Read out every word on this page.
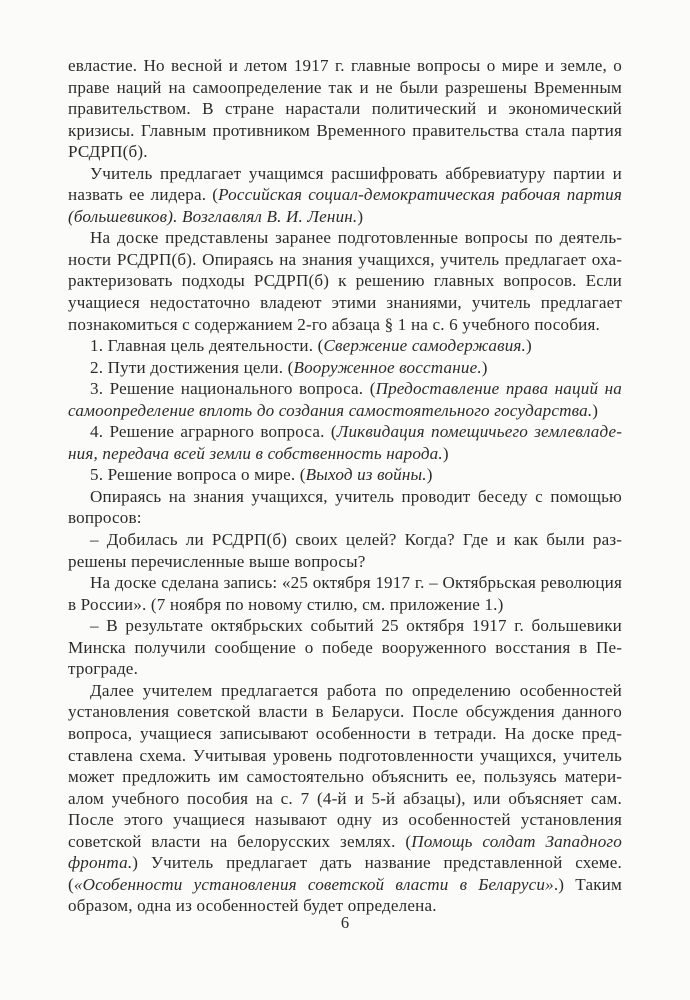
евластие. Но весной и летом 1917 г. главные вопросы о мире и земле, о праве наций на самоопределение так и не были разрешены Временным правительством. В стране нарастали политический и экономический кризисы. Главным противником Временного правительства стала партия РСДРП(б).

Учитель предлагает учащимся расшифровать аббревиатуру партии и назвать ее лидера. (Российская социал-демократическая рабочая партия (большевиков). Возглавлял В. И. Ленин.)

На доске представлены заранее подготовленные вопросы по деятельности РСДРП(б). Опираясь на знания учащихся, учитель предлагает охарактеризовать подходы РСДРП(б) к решению главных вопросов. Если учащиеся недостаточно владеют этими знаниями, учитель предлагает познакомиться с содержанием 2-го абзаца § 1 на с. 6 учебного пособия.

1. Главная цель деятельности. (Свержение самодержавия.)

2. Пути достижения цели. (Вооруженное восстание.)

3. Решение национального вопроса. (Предоставление права наций на самоопределение вплоть до создания самостоятельного государства.)

4. Решение аграрного вопроса. (Ликвидация помещичьего землевладения, передача всей земли в собственность народа.)

5. Решение вопроса о мире. (Выход из войны.)

Опираясь на знания учащихся, учитель проводит беседу с помощью вопросов:

– Добилась ли РСДРП(б) своих целей? Когда? Где и как были разрешены перечисленные выше вопросы?

На доске сделана запись: «25 октября 1917 г. – Октябрьская революция в России». (7 ноября по новому стилю, см. приложение 1.)

– В результате октябрьских событий 25 октября 1917 г. большевики Минска получили сообщение о победе вооруженного восстания в Петрограде.

Далее учителем предлагается работа по определению особенностей установления советской власти в Беларуси. После обсуждения данного вопроса, учащиеся записывают особенности в тетради. На доске представлена схема. Учитывая уровень подготовленности учащихся, учитель может предложить им самостоятельно объяснить ее, пользуясь материалом учебного пособия на с. 7 (4-й и 5-й абзацы), или объясняет сам. После этого учащиеся называют одну из особенностей установления советской власти на белорусских землях. (Помощь солдат Западного фронта.) Учитель предлагает дать название представленной схеме. («Особенности установления советской власти в Беларуси».) Таким образом, одна из особенностей будет определена.

6
